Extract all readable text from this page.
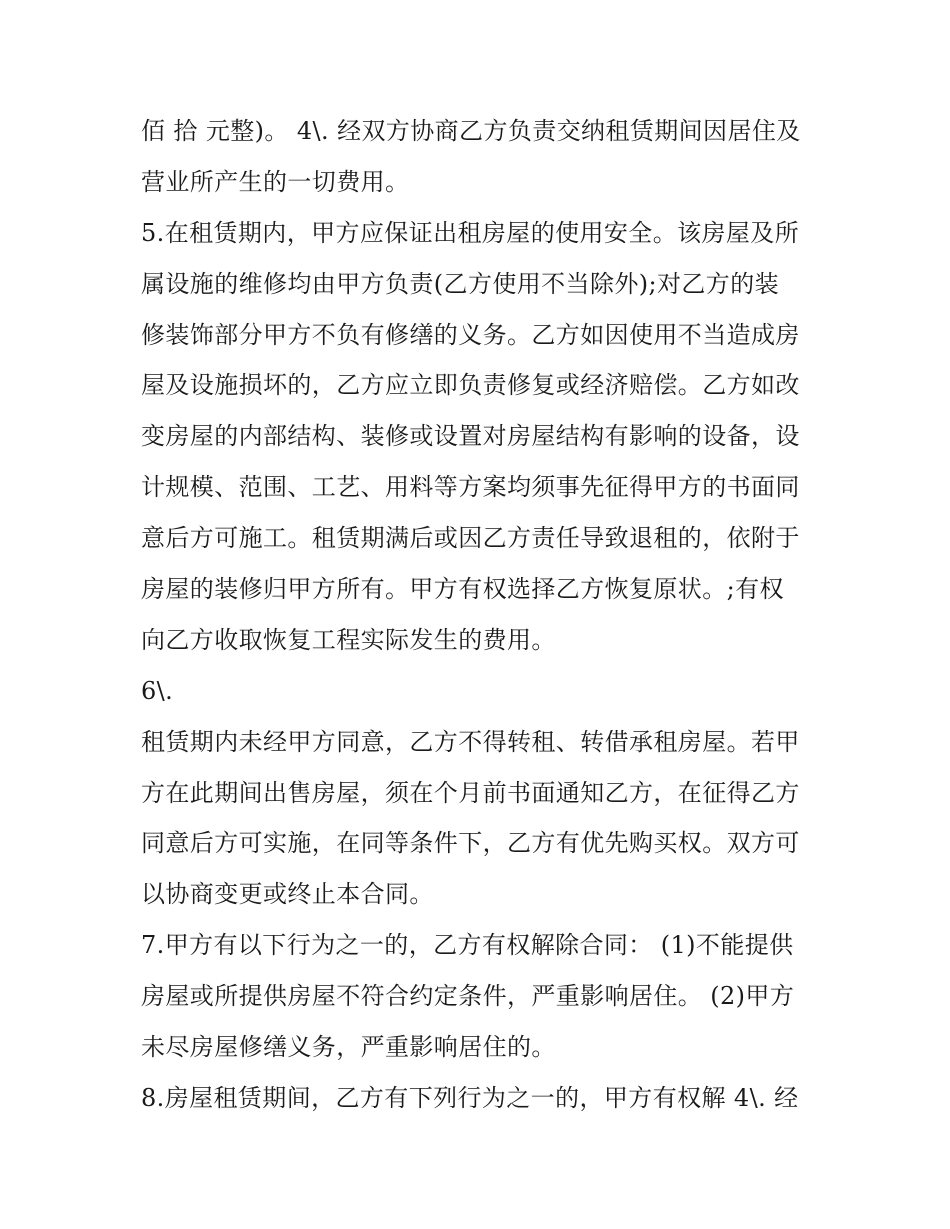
佰 拾 元整)。 4\. 经双方协商乙方负责交纳租赁期间因居住及
营业所产生的一切费用。
5.在租赁期内，甲方应保证出租房屋的使用安全。该房屋及所
属设施的维修均由甲方负责(乙方使用不当除外);对乙方的装
修装饰部分甲方不负有修缮的义务。乙方如因使用不当造成房
屋及设施损坏的，乙方应立即负责修复或经济赔偿。乙方如改
变房屋的内部结构、装修或设置对房屋结构有影响的设备，设
计规模、范围、工艺、用料等方案均须事先征得甲方的书面同
意后方可施工。租赁期满后或因乙方责任导致退租的，依附于
房屋的装修归甲方所有。甲方有权选择乙方恢复原状。;有权
向乙方收取恢复工程实际发生的费用。
6\.
租赁期内未经甲方同意，乙方不得转租、转借承租房屋。若甲
方在此期间出售房屋，须在个月前书面通知乙方，在征得乙方
同意后方可实施，在同等条件下，乙方有优先购买权。双方可
以协商变更或终止本合同。
7.甲方有以下行为之一的，乙方有权解除合同： (1)不能提供
房屋或所提供房屋不符合约定条件，严重影响居住。 (2)甲方
未尽房屋修缮义务，严重影响居住的。
8.房屋租赁期间，乙方有下列行为之一的，甲方有权解 4\. 经
